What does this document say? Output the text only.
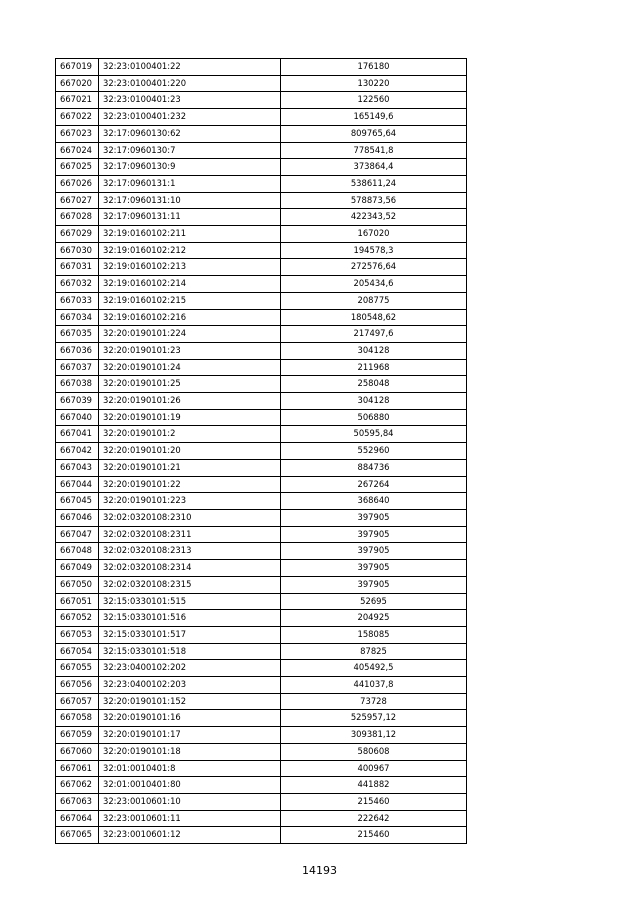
667019	32:23:0100401:22	176180
667020	32:23:0100401:220	130220
667021	32:23:0100401:23	122560
667022	32:23:0100401:232	165149,6
667023	32:17:0960130:62	809765,64
667024	32:17:0960130:7	778541,8
667025	32:17:0960130:9	373864,4
667026	32:17:0960131:1	538611,24
667027	32:17:0960131:10	578873,56
667028	32:17:0960131:11	422343,52
667029	32:19:0160102:211	167020
667030	32:19:0160102:212	194578,3
667031	32:19:0160102:213	272576,64
667032	32:19:0160102:214	205434,6
667033	32:19:0160102:215	208775
667034	32:19:0160102:216	180548,62
667035	32:20:0190101:224	217497,6
667036	32:20:0190101:23	304128
667037	32:20:0190101:24	211968
667038	32:20:0190101:25	258048
667039	32:20:0190101:26	304128
667040	32:20:0190101:19	506880
667041	32:20:0190101:2	50595,84
667042	32:20:0190101:20	552960
667043	32:20:0190101:21	884736
667044	32:20:0190101:22	267264
667045	32:20:0190101:223	368640
667046	32:02:0320108:2310	397905
667047	32:02:0320108:2311	397905
667048	32:02:0320108:2313	397905
667049	32:02:0320108:2314	397905
667050	32:02:0320108:2315	397905
667051	32:15:0330101:515	52695
667052	32:15:0330101:516	204925
667053	32:15:0330101:517	158085
667054	32:15:0330101:518	87825
667055	32:23:0400102:202	405492,5
667056	32:23:0400102:203	441037,8
667057	32:20:0190101:152	73728
667058	32:20:0190101:16	525957,12
667059	32:20:0190101:17	309381,12
667060	32:20:0190101:18	580608
667061	32:01:0010401:8	400967
667062	32:01:0010401:80	441882
667063	32:23:0010601:10	215460
667064	32:23:0010601:11	222642
667065	32:23:0010601:12	215460
14193
